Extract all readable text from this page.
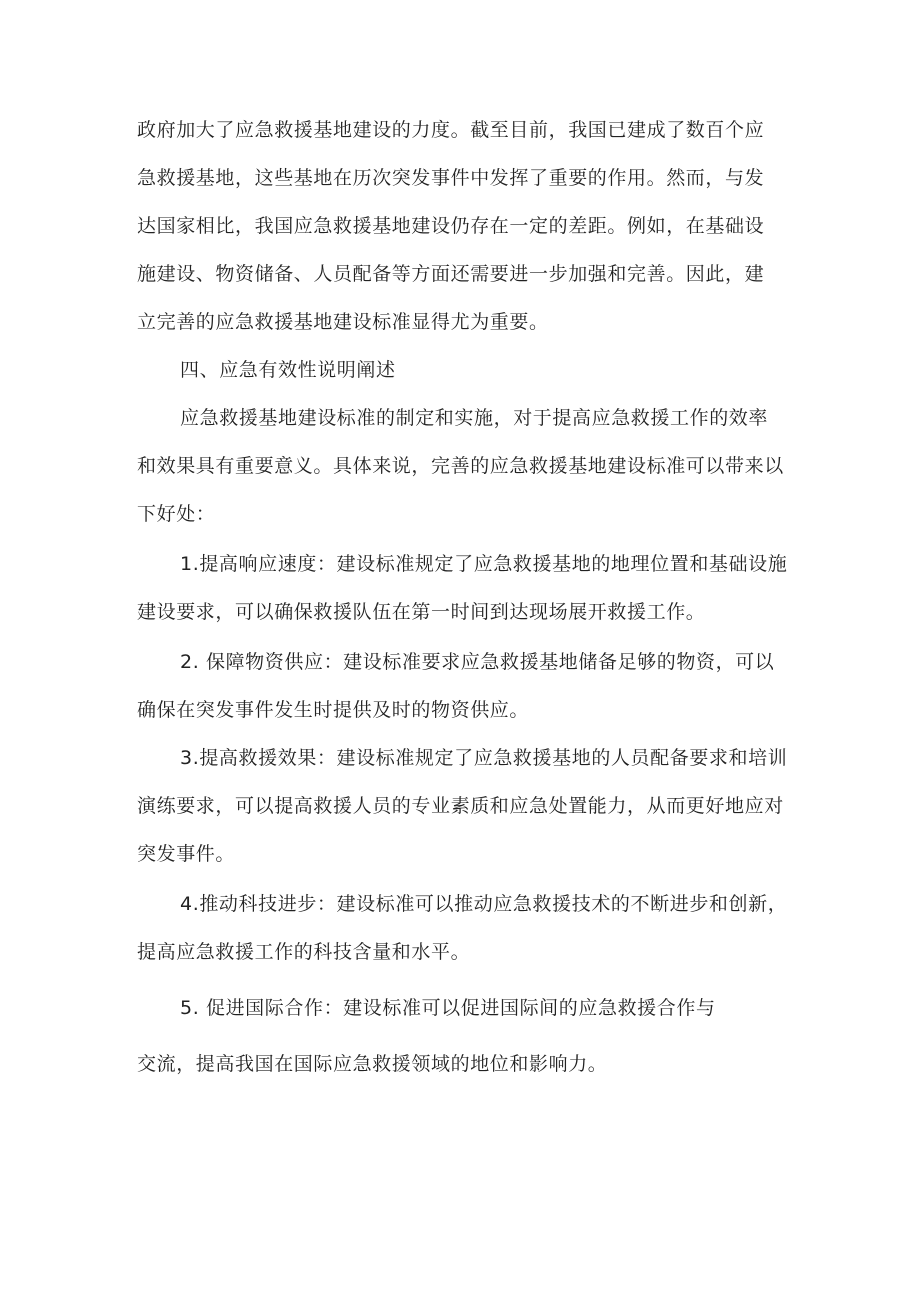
政府加大了应急救援基地建设的力度。截至目前，我国已建成了数百个应
急救援基地，这些基地在历次突发事件中发挥了重要的作用。然而，与发
达国家相比，我国应急救援基地建设仍存在一定的差距。例如，在基础设
施建设、物资储备、人员配备等方面还需要进一步加强和完善。因此，建
立完善的应急救援基地建设标准显得尤为重要。
四、应急有效性说明阐述
应急救援基地建设标准的制定和实施，对于提高应急救援工作的效率
和效果具有重要意义。具体来说，完善的应急救援基地建设标准可以带来以
下好处：
1.提高响应速度：建设标准规定了应急救援基地的地理位置和基础设施
建设要求，可以确保救援队伍在第一时间到达现场展开救援工作。
2. 保障物资供应：建设标准要求应急救援基地储备足够的物资，可以
确保在突发事件发生时提供及时的物资供应。
3.提高救援效果：建设标准规定了应急救援基地的人员配备要求和培训
演练要求，可以提高救援人员的专业素质和应急处置能力，从而更好地应对
突发事件。
4.推动科技进步：建设标准可以推动应急救援技术的不断进步和创新，
提高应急救援工作的科技含量和水平。
5. 促进国际合作：建设标准可以促进国际间的应急救援合作与
交流，提高我国在国际应急救援领域的地位和影响力。
